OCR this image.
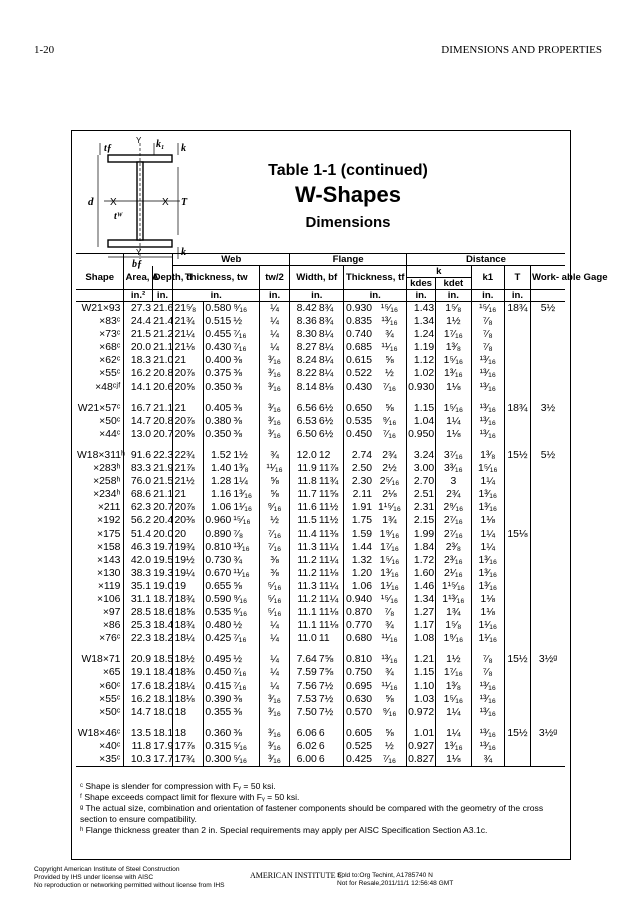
1-20	DIMENSIONS AND PROPERTIES
tƒ	k₁ k
Y
d X	X T
tᵂ
Y	k
bƒ
Table 1-1 (continued)
W-Shapes
Dimensions
			Web				Flange				Distance				
Shape	Area, A	Depth, d	Thickness, tw			tw/2	Width, bf		Thickness, tf		k		k1	T	Work- able Gage
											kdes	kdet			
	in.²	in.	in.			in.	in.		in.		in.	in.	in.	in.	
W21×93	27.3	21.6	21⁵⁄₈	0.580	⁹⁄₁₆	¼	8.42	8¾	0.930	¹⁵⁄₁₆	1.43	1⁵⁄₈	¹⁵⁄₁₆	18¾	5½
×83ᶜ	24.4	21.4	21¾	0.515	½	¼	8.36	8¾	0.835	¹³⁄₁₆	1.34	1½	⁷⁄₈		
×73ᶜ	21.5	21.2	21¼	0.455	⁷⁄₁₆	¼	8.30	8¼	0.740	¾	1.24	1⁷⁄₁₆	⁷⁄₈		
×68ᶜ	20.0	21.1	21⅛	0.430	⁷⁄₁₆	¼	8.27	8¼	0.685	¹¹⁄₁₆	1.19	1³⁄₈	⁷⁄₈		
×62ᶜ	18.3	21.0	21	0.400	⅜	³⁄₁₆	8.24	8¼	0.615	⅝	1.12	1⁵⁄₁₆	¹³⁄₁₆		
×55ᶜ	16.2	20.8	20⅞	0.375	⅜	³⁄₁₆	8.22	8¼	0.522	½	1.02	1³⁄₁₆	¹³⁄₁₆		
×48ᶜʲᶠ	14.1	20.6	20⅝	0.350	⅜	³⁄₁₆	8.14	8⅛	0.430	⁷⁄₁₆	0.930	1⅛	¹³⁄₁₆		

W21×57ᶜ	16.7	21.1	21	0.405	⅜	³⁄₁₆	6.56	6½	0.650	⅝	1.15	1⁵⁄₁₆	¹³⁄₁₆	18¾	3½
×50ᶜ	14.7	20.8	20⅞	0.380	⅜	³⁄₁₆	6.53	6½	0.535	⁹⁄₁₆	1.04	1¼	¹³⁄₁₆		
×44ᶜ	13.0	20.7	20⅝	0.350	⅜	³⁄₁₆	6.50	6½	0.450	⁷⁄₁₆	0.950	1⅛	¹³⁄₁₆		

W18×311ʰ	91.6	22.3	22¾	1.52	1½	¾	12.0	12	2.74	2¾	3.24	3⁷⁄₁₆	1³⁄₈	15½	5½
×283ʰ	83.3	21.9	21⅞	1.40	1³⁄₈	¹¹⁄₁₆	11.9	11⅞	2.50	2½	3.00	3³⁄₁₆	1⁵⁄₁₆		
×258ʰ	76.0	21.5	21½	1.28	1¼	⅝	11.8	11¾	2.30	2⁵⁄₁₆	2.70	3	1¼		
×234ʰ	68.6	21.1	21	1.16	1³⁄₁₆	⅝	11.7	11⅝	2.11	2⅛	2.51	2¾	1³⁄₁₆		
×211	62.3	20.7	20⅞	1.06	1¹⁄₁₆	⁹⁄₁₆	11.6	11½	1.91	1¹⁵⁄₁₆	2.31	2⁹⁄₁₆	1³⁄₁₆		
×192	56.2	20.4	20⅜	0.960	¹⁵⁄₁₆	½	11.5	11½	1.75	1¾	2.15	2⁷⁄₁₆	1⅛		
×175	51.4	20.0	20	0.890	⁷⁄₈	⁷⁄₁₆	11.4	11⅜	1.59	1⁹⁄₁₆	1.99	2⁷⁄₁₆	1¼	15⅛	
×158	46.3	19.7	19¾	0.810	¹³⁄₁₆	⁷⁄₁₆	11.3	11¼	1.44	1⁷⁄₁₆	1.84	2³⁄₈	1¼		
×143	42.0	19.5	19½	0.730	¾	⅜	11.2	11¼	1.32	1⁵⁄₁₆	1.72	2³⁄₁₆	1³⁄₁₆		
×130	38.3	19.3	19¼	0.670	¹¹⁄₁₆	⅜	11.2	11⅛	1.20	1³⁄₁₆	1.60	2¹⁄₁₆	1³⁄₁₆		
×119	35.1	19.0	19	0.655	⅝	⁵⁄₁₆	11.3	11¼	1.06	1¹⁄₁₆	1.46	1¹⁵⁄₁₆	1³⁄₁₆		
×106	31.1	18.7	18¾	0.590	⁹⁄₁₆	⁵⁄₁₆	11.2	11¼	0.940	¹⁵⁄₁₆	1.34	1¹³⁄₁₆	1⅛		
×97	28.5	18.6	18⅝	0.535	⁹⁄₁₆	⁵⁄₁₆	11.1	11⅛	0.870	⁷⁄₈	1.27	1¾	1⅛		
×86	25.3	18.4	18¾	0.480	½	¼	11.1	11⅛	0.770	¾	1.17	1⁵⁄₈	1¹⁄₁₆		
×76ᶜ	22.3	18.2	18¼	0.425	⁷⁄₁₆	¼	11.0	11	0.680	¹¹⁄₁₆	1.08	1⁹⁄₁₆	1¹⁄₁₆		

W18×71	20.9	18.5	18½	0.495	½	¼	7.64	7⅝	0.810	¹³⁄₁₆	1.21	1½	⁷⁄₈	15½	3½ᵍ
×65	19.1	18.4	18⅜	0.450	⁷⁄₁₆	¼	7.59	7⅝	0.750	¾	1.15	1⁷⁄₁₆	⁷⁄₈		
×60ᶜ	17.6	18.2	18¼	0.415	⁷⁄₁₆	¼	7.56	7½	0.695	¹¹⁄₁₆	1.10	1³⁄₈	¹³⁄₁₆		
×55ᶜ	16.2	18.1	18⅛	0.390	⅜	³⁄₁₆	7.53	7½	0.630	⅝	1.03	1⁵⁄₁₆	¹³⁄₁₆		
×50ᶜ	14.7	18.0	18	0.355	⅜	³⁄₁₆	7.50	7½	0.570	⁹⁄₁₆	0.972	1¼	¹³⁄₁₆		

W18×46ᶜ	13.5	18.1	18	0.360	⅜	³⁄₁₆	6.06	6	0.605	⅝	1.01	1¼	¹³⁄₁₆	15½	3½ᵍ
×40ᶜ	11.8	17.9	17⅞	0.315	⁵⁄₁₆	³⁄₁₆	6.02	6	0.525	½	0.927	1³⁄₁₆	¹³⁄₁₆		
×35ᶜ	10.3	17.7	17¾	0.300	⁵⁄₁₆	³⁄₁₆	6.00	6	0.425	⁷⁄₁₆	0.827	1⅛	¾		
ᶜ Shape is slender for compression with Fᵧ = 50 ksi.
ᶠ Shape exceeds compact limit for flexure with Fᵧ = 50 ksi.
ᵍ The actual size, combination and orientation of fastener components should be compared with the geometry of the cross section to ensure compatibility.
ʰ Flange thickness greater than 2 in. Special requirements may apply per AISC Specification Section A3.1c.
Copyright American Institute of Steel Construction
Provided by IHS under license with AISC
No reproduction or networking permitted without license from IHS
AMERICAN INSTITUTE C
Sold to:Org Techint, A1785740 N
Not for Resale,2011/11/1 12:56:48 GMT
